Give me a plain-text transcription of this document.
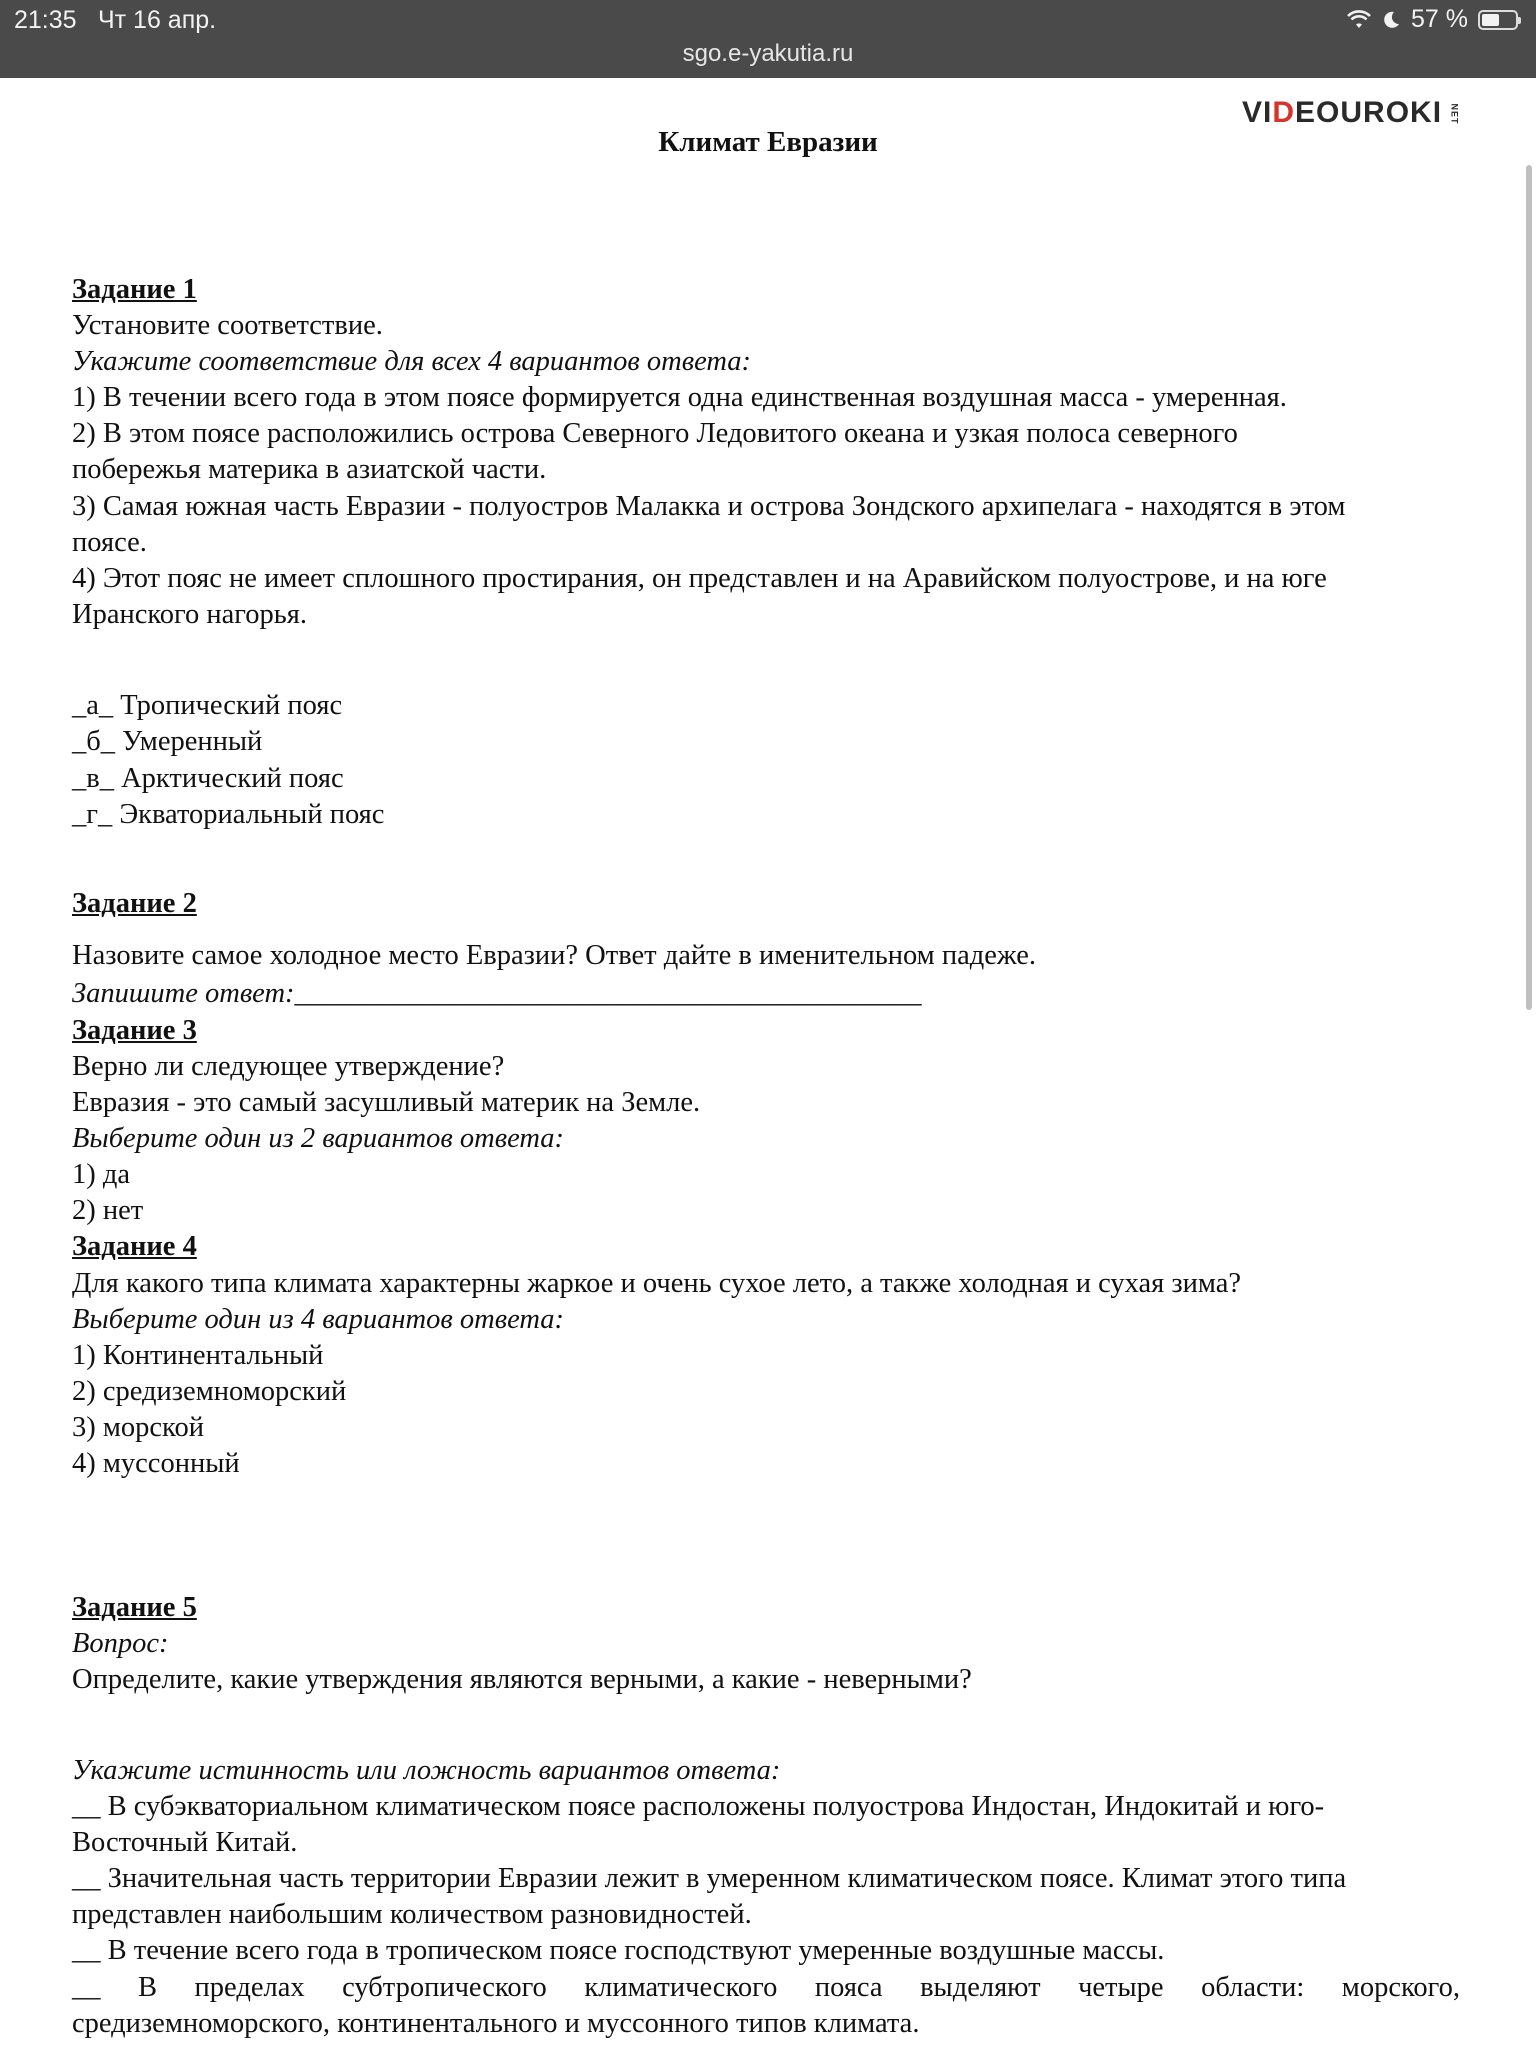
21:35 Чт 16 апр.
sgo.e-yakutia.ru
57 %
VIDEOUROKI NET
Климат Евразии
Задание 1
Установите соответствие.
Укажите соответствие для всех 4 вариантов ответа:
1) В течении всего года в этом поясе формируется одна единственная воздушная масса - умеренная.
2) В этом поясе расположились острова Северного Ледовитого океана и узкая полоса северного
побережья материка в азиатской части.
3) Самая южная часть Евразии - полуостров Малакка и острова Зондского архипелага - находятся в этом
поясе.
4) Этот пояс не имеет сплошного простирания, он представлен и на Аравийском полуострове, и на юге
Иранского нагорья.
_а_ Тропический пояс
_б_ Умеренный
_в_ Арктический пояс
_г_ Экваториальный пояс
Задание 2
Назовите самое холодное место Евразии? Ответ дайте в именительном падеже.
Запишите ответ:____________________________________________
Задание 3
Верно ли следующее утверждение?
Евразия - это самый засушливый материк на Земле.
Выберите один из 2 вариантов ответа:
1) да
2) нет
Задание 4
Для какого типа климата характерны жаркое и очень сухое лето, а также холодная и сухая зима?
Выберите один из 4 вариантов ответа:
1) Континентальный
2) средиземноморский
3) морской
4) муссонный
Задание 5
Вопрос:
Определите, какие утверждения являются верными, а какие - неверными?
Укажите истинность или ложность вариантов ответа:
__ В субэкваториальном климатическом поясе расположены полуострова Индостан, Индокитай и юго-
Восточный Китай.
__ Значительная часть территории Евразии лежит в умеренном климатическом поясе. Климат этого типа
представлен наибольшим количеством разновидностей.
__ В течение всего года в тропическом поясе господствуют умеренные воздушные массы.
__ В пределах субтропического климатического пояса выделяют четыре области: морского,
средиземноморского, континентального и муссонного типов климата.
